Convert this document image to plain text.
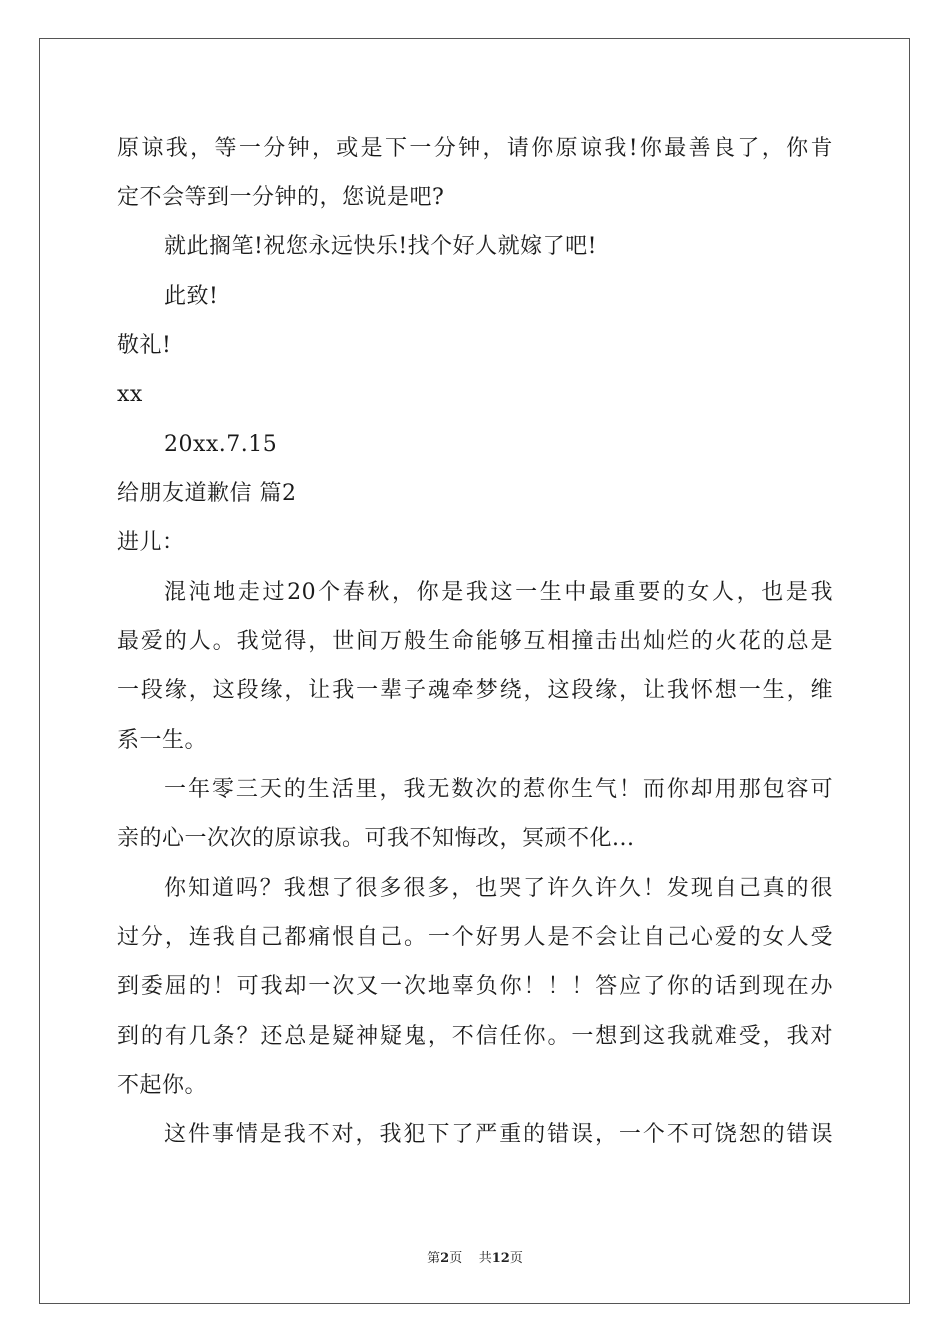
原谅我，等一分钟，或是下一分钟，请你原谅我!你最善良了，你肯
定不会等到一分钟的，您说是吧?
就此搁笔!祝您永远快乐!找个好人就嫁了吧!
此致!
敬礼!
xx
20xx.7.15
给朋友道歉信 篇2
进儿：
混沌地走过20个春秋，你是我这一生中最重要的女人，也是我
最爱的人。我觉得，世间万般生命能够互相撞击出灿烂的火花的总是
一段缘，这段缘，让我一辈子魂牵梦绕，这段缘，让我怀想一生，维
系一生。
一年零三天的生活里，我无数次的惹你生气！而你却用那包容可
亲的心一次次的原谅我。可我不知悔改，冥顽不化...
你知道吗？我想了很多很多，也哭了许久许久！发现自己真的很
过分，连我自己都痛恨自己。一个好男人是不会让自己心爱的女人受
到委屈的！可我却一次又一次地辜负你！！！答应了你的话到现在办
到的有几条？还总是疑神疑鬼，不信任你。一想到这我就难受，我对
不起你。
这件事情是我不对，我犯下了严重的错误，一个不可饶恕的错误
第2页 共12页
